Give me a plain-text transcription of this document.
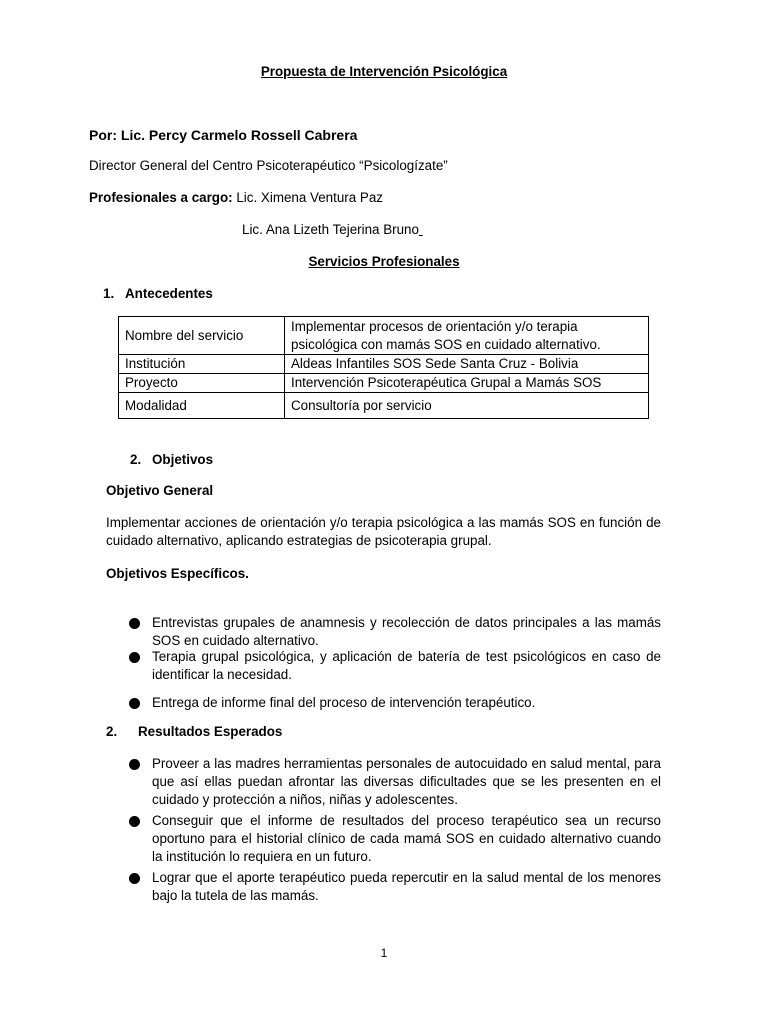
Propuesta de Intervención Psicológica
Por: Lic. Percy Carmelo Rossell Cabrera
Director General del Centro Psicoterapéutico “Psicologízate”
Profesionales a cargo: Lic. Ximena Ventura Paz
Lic. Ana Lizeth Tejerina Bruno
Servicios Profesionales
1. Antecedentes
Nombre del servicio	Implementar procesos de orientación y/o terapia psicológica con mamás SOS en cuidado alternativo.
Institución	Aldeas Infantiles SOS Sede Santa Cruz - Bolivia
Proyecto	Intervención Psicoterapéutica Grupal a Mamás SOS
Modalidad	Consultoría por servicio
2. Objetivos
Objetivo General
Implementar acciones de orientación y/o terapia psicológica a las mamás SOS en función de cuidado alternativo, aplicando estrategias de psicoterapia grupal.
Objetivos Específicos.
Entrevistas grupales de anamnesis y recolección de datos principales a las mamás SOS en cuidado alternativo.
Terapia grupal psicológica, y aplicación de batería de test psicológicos en caso de identificar la necesidad.
Entrega de informe final del proceso de intervención terapéutico.
2. Resultados Esperados
Proveer a las madres herramientas personales de autocuidado en salud mental, para que así ellas puedan afrontar las diversas dificultades que se les presenten en el cuidado y protección a niños, niñas y adolescentes.
Conseguir que el informe de resultados del proceso terapéutico sea un recurso oportuno para el historial clínico de cada mamá SOS en cuidado alternativo cuando la institución lo requiera en un futuro.
Lograr que el aporte terapéutico pueda repercutir en la salud mental de los menores bajo la tutela de las mamás.
1
